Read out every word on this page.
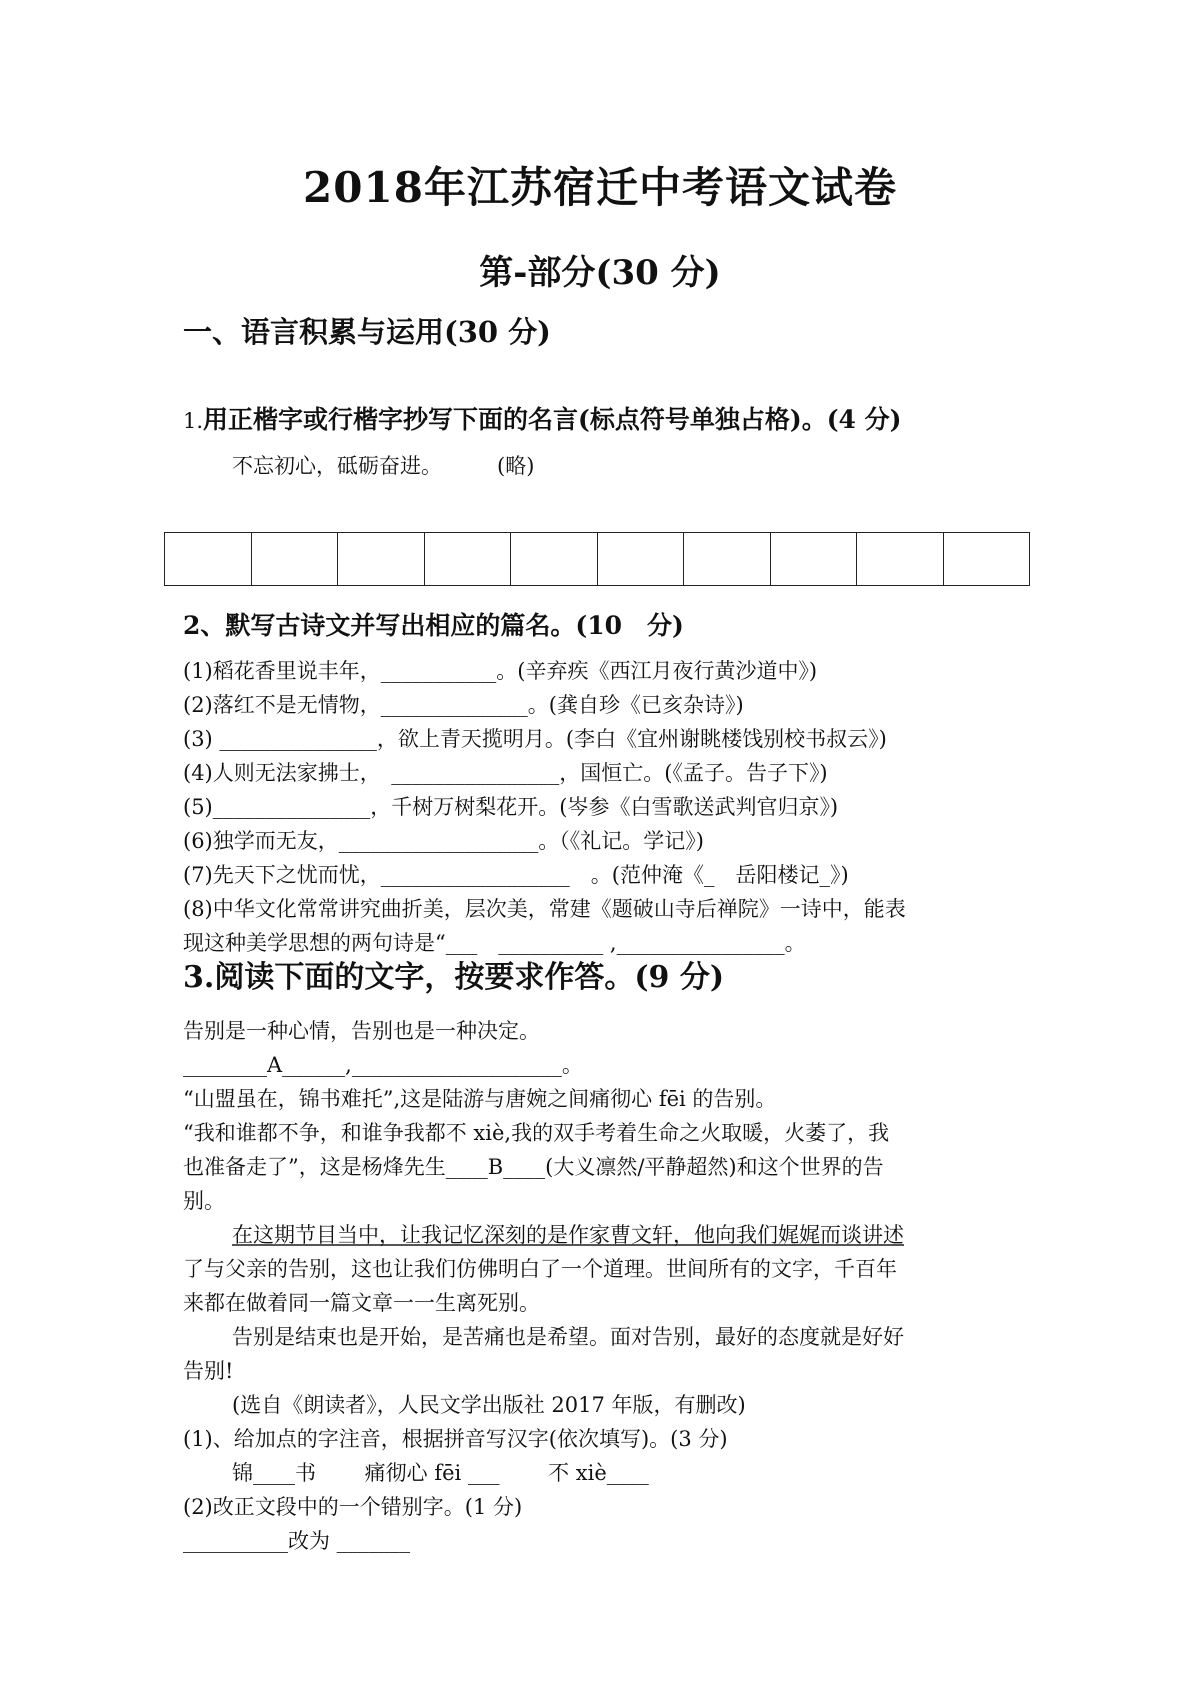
2018年江苏宿迁中考语文试卷
第-部分(30 分)
一、语言积累与运用(30 分)

1.用正楷字或行楷字抄写下面的名言(标点符号单独占格)。(4 分)

不忘初心，砥砺奋进。	(略)

2、默写古诗文并写出相应的篇名。(10　分)

(1)稻花香里说丰年，___________。(辛弃疾《西江月夜行黄沙道中》)

(2)落红不是无情物，______________。(龚自珍《已亥杂诗》)

(3) _______________，欲上青天揽明月。(李白《宜州谢眺楼饯别校书叔云》)

(4)人则无法家拂士，　________________，国恒亡。(《孟子。告子下》)

(5)_______________，千树万树梨花开。(岑参《白雪歌送武判官归京》)

(6)独学而无友，___________________。（《礼记。学记》)

(7)先天下之忧而忧，__________________　。(范仲淹《_　岳阳楼记_》)

(8)中华文化常常讲究曲折美，层次美，常建《题破山寺后禅院》一诗中，能表

现这种美学思想的两句诗是“___　__________ ,________________。

3.阅读下面的文字，按要求作答。(9 分)

告别是一种心情，告别也是一种决定。

________A______,____________________。

“山盟虽在，锦书难托”,这是陆游与唐婉之间痛彻心 fēi 的告别。

“我和谁都不争，和谁争我都不 xiè,我的双手考着生命之火取暖，火萎了，我

也准备走了”，这是杨烽先生____B____(大义凛然/平静超然)和这个世界的告

别。

在这期节目当中，让我记忆深刻的是作家曹文轩，他向我们娓娓而谈讲述

了与父亲的告别，这也让我们仿佛明白了一个道理。世间所有的文字，千百年

来都在做着同一篇文章一一生离死别。

告别是结束也是开始，是苦痛也是希望。面对告别，最好的态度就是好好

告别!

(选自《朗读者》，人民文学出版社 2017 年版，有删改)

(1)、给加点的字注音，根据拼音写汉字(依次填写)。(3 分)

锦____书　　 痛彻心 fēi ___　　 不 xiè____

(2)改正文段中的一个错别字。(1 分)

__________改为 _______
